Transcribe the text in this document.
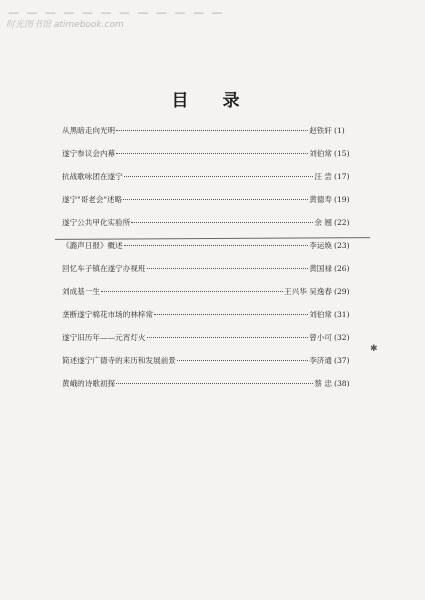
— — — — — — — — — — — —
时光图书馆 atimebook.com
目 录
从黑暗走向光明	赵铁轩 (1)
遂宁参议会内幕	刘伯常 (15)
抗战歌咏团在遂宁	汪 尝 (17)
遂宁"哥老会"述略	黄德寿 (19)
遂宁公共甲化实验所	余 翘 (22)
《潞声日报》概述	李运焕 (23)
回忆车子镇在遂宁办视班	黄国禄 (26)
刘成基一生	王兴华 吴逸春 (29)
垄断遂宁棉花市场的林梓常	刘伯常 (31)
遂宁旧历年——元宵灯火	曾小可 (32)
简述遂宁广德寺的来历和发展前景	李济通 (37)
黄峨的诗歌初探	蔡 忠 (38)
✱
